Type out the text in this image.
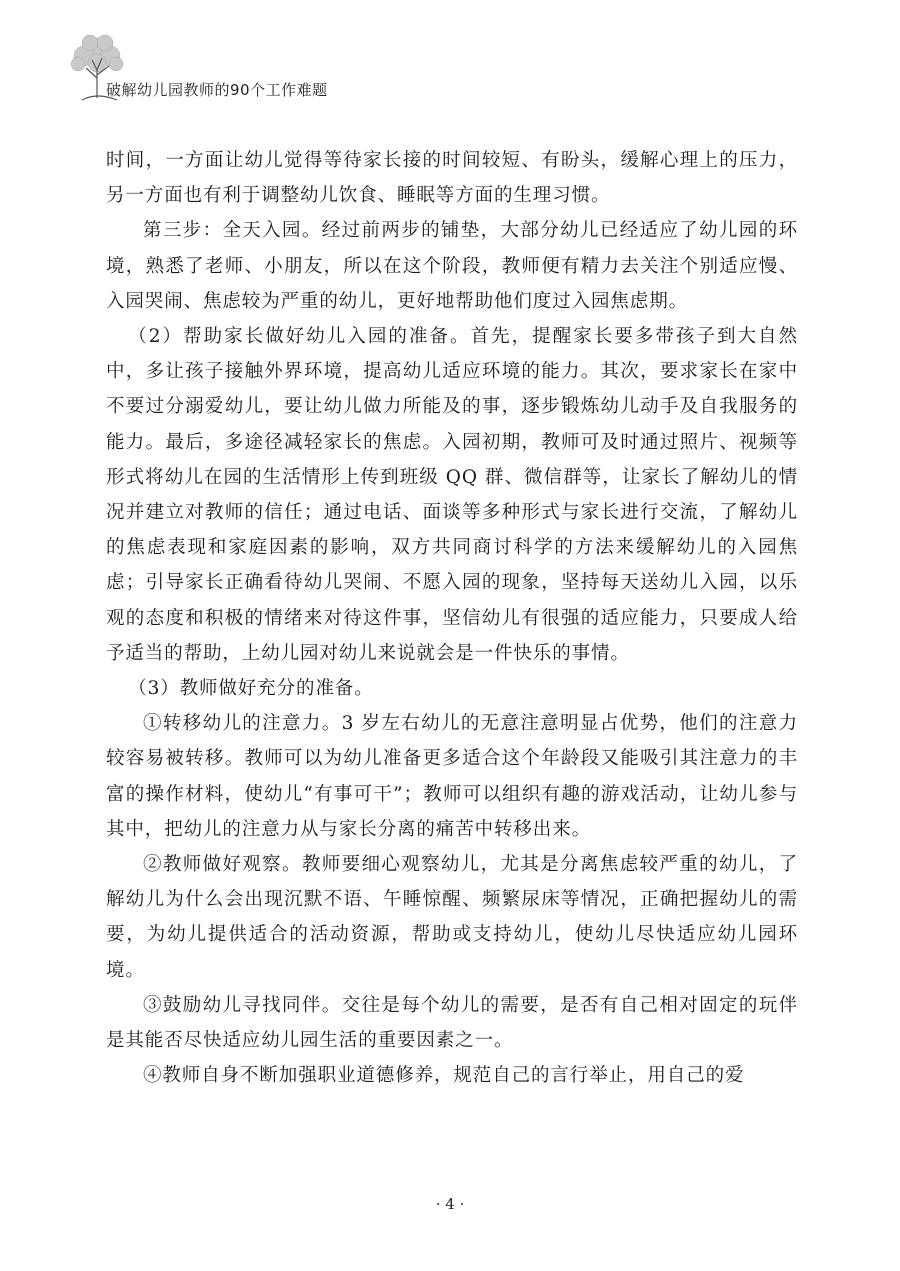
破解幼儿园教师的90个工作难题

时间，一方面让幼儿觉得等待家长接的时间较短、有盼头，缓解心理上的压力，另一方面也有利于调整幼儿饮食、睡眠等方面的生理习惯。

第三步：全天入园。经过前两步的铺垫，大部分幼儿已经适应了幼儿园的环境，熟悉了老师、小朋友，所以在这个阶段，教师便有精力去关注个别适应慢、入园哭闹、焦虑较为严重的幼儿，更好地帮助他们度过入园焦虑期。

（2）帮助家长做好幼儿入园的准备。首先，提醒家长要多带孩子到大自然中，多让孩子接触外界环境，提高幼儿适应环境的能力。其次，要求家长在家中不要过分溺爱幼儿，要让幼儿做力所能及的事，逐步锻炼幼儿动手及自我服务的能力。最后，多途径减轻家长的焦虑。入园初期，教师可及时通过照片、视频等形式将幼儿在园的生活情形上传到班级 QQ 群、微信群等，让家长了解幼儿的情况并建立对教师的信任；通过电话、面谈等多种形式与家长进行交流，了解幼儿的焦虑表现和家庭因素的影响，双方共同商讨科学的方法来缓解幼儿的入园焦虑；引导家长正确看待幼儿哭闹、不愿入园的现象，坚持每天送幼儿入园，以乐观的态度和积极的情绪来对待这件事，坚信幼儿有很强的适应能力，只要成人给予适当的帮助，上幼儿园对幼儿来说就会是一件快乐的事情。

（3）教师做好充分的准备。

①转移幼儿的注意力。3 岁左右幼儿的无意注意明显占优势，他们的注意力较容易被转移。教师可以为幼儿准备更多适合这个年龄段又能吸引其注意力的丰富的操作材料，使幼儿“有事可干”；教师可以组织有趣的游戏活动，让幼儿参与其中，把幼儿的注意力从与家长分离的痛苦中转移出来。

②教师做好观察。教师要细心观察幼儿，尤其是分离焦虑较严重的幼儿，了解幼儿为什么会出现沉默不语、午睡惊醒、频繁尿床等情况，正确把握幼儿的需要，为幼儿提供适合的活动资源，帮助或支持幼儿，使幼儿尽快适应幼儿园环境。

③鼓励幼儿寻找同伴。交往是每个幼儿的需要，是否有自己相对固定的玩伴是其能否尽快适应幼儿园生活的重要因素之一。

④教师自身不断加强职业道德修养，规范自己的言行举止，用自己的爱

· 4 ·
